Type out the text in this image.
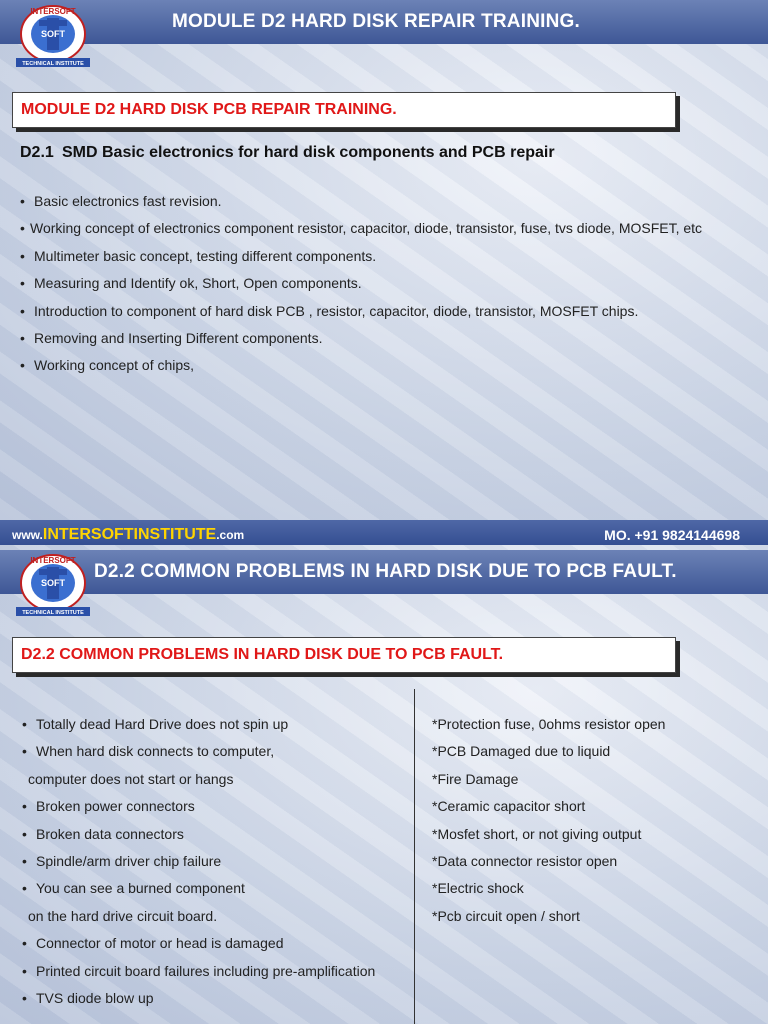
MODULE D2 HARD DISK REPAIR TRAINING.
INTERSOFT
SOFT
TECHNICAL INSTITUTE
MODULE D2 HARD DISK PCB REPAIR TRAINING.
D2.1 SMD Basic electronics for hard disk components and PCB repair
• Basic electronics fast revision.
• Working concept of electronics component resistor, capacitor, diode, transistor, fuse, tvs diode, MOSFET, etc
• Multimeter basic concept, testing different components.
• Measuring and Identify ok, Short, Open components.
• Introduction to component of hard disk PCB , resistor, capacitor, diode, transistor, MOSFET chips.
• Removing and Inserting Different components.
• Working concept of chips,
www.INTERSOFTINSTITUTE.com	MO. +91 9824144698
D2.2 COMMON PROBLEMS IN HARD DISK DUE TO PCB FAULT.
INTERSOFT
SOFT
TECHNICAL INSTITUTE
D2.2 COMMON PROBLEMS IN HARD DISK DUE TO PCB FAULT.
• Totally dead Hard Drive does not spin up
• When hard disk connects to computer,
computer does not start or hangs
• Broken power connectors
• Broken data connectors
• Spindle/arm driver chip failure
• You can see a burned component
on the hard drive circuit board.
• Connector of motor or head is damaged
• Printed circuit board failures including pre-amplification
• TVS diode blow up
*Protection fuse, 0ohms resistor open
*PCB Damaged due to liquid
*Fire Damage
*Ceramic capacitor short
*Mosfet short, or not giving output
*Data connector resistor open
*Electric shock
*Pcb circuit open / short
